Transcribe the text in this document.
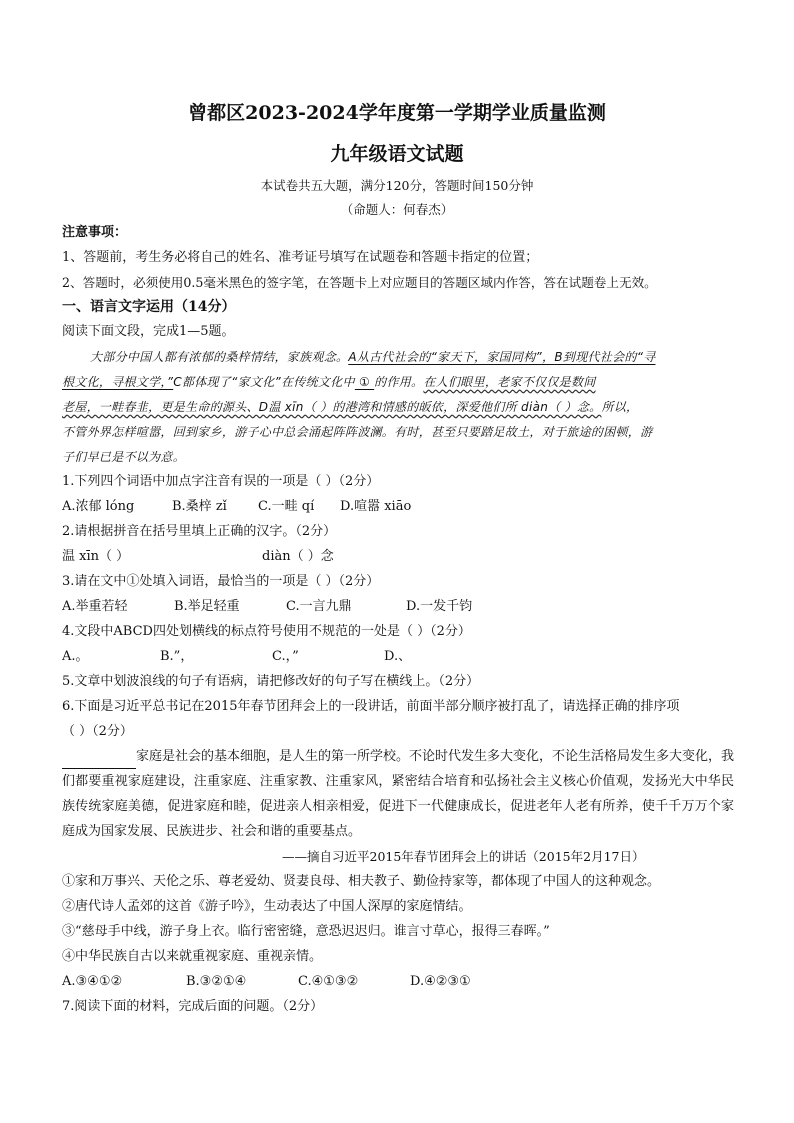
曾都区2023-2024学年度第一学期学业质量监测
九年级语文试题
本试卷共五大题，满分120分，答题时间150分钟
（命题人：何春杰）
注意事项：
1、答题前，考生务必将自己的姓名、准考证号填写在试题卷和答题卡指定的位置；
2、答题时，必须使用0.5毫米黑色的签字笔，在答题卡上对应题目的答题区域内作答，答在试题卷上无效。
一、语言文字运用（14分）
阅读下面文段，完成1—5题。
大部分中国人都有浓郁的桑梓情结，家族观念。A从古代社会的“家天下，家国同构”，B到现代社会的“寻
根文化，寻根文学，”C都体现了“家文化”在传统文化中 ① 的作用。在人们眼里，老家不仅仅是数间
老屋，一畦春韭，更是生命的源头、D温 xīn（ ）的港湾和情感的皈依，深爱他们所 diàn（ ）念。所以，
不管外界怎样喧嚣，回到家乡，游子心中总会涌起阵阵波澜。有时，甚至只要踏足故土，对于旅途的困顿，游
子们早已是不以为意。
1.下列四个词语中加点字注音有误的一项是（ ）（2分）
A.浓郁 lóng	B.桑梓 zǐ	C.一畦 qí	D.喧嚣 xiāo
2.请根据拼音在括号里填上正确的汉字。（2分）
温 xīn（ ）	diàn（ ）念
3.请在文中①处填入词语，最恰当的一项是（ ）（2分）
A.举重若轻	B.举足轻重	C.一言九鼎	D.一发千钧
4.文段中ABCD四处划横线的标点符号使用不规范的一处是（ ）（2分）
A.。	B.”，	C.，”	D.、
5.文章中划波浪线的句子有语病，请把修改好的句子写在横线上。（2分）
6.下面是习近平总书记在2015年春节团拜会上的一段讲话，前面半部分顺序被打乱了，请选择正确的排序项
（ ）（2分）
家庭是社会的基本细胞，是人生的第一所学校。不论时代发生多大变化，不论生活格局发生多大变化，我们都要重视家庭建设，注重家庭、注重家教、注重家风，紧密结合培育和弘扬社会主义核心价值观，发扬光大中华民族传统家庭美德，促进家庭和睦，促进亲人相亲相爱，促进下一代健康成长，促进老年人老有所养，使千千万万个家庭成为国家发展、民族进步、社会和谐的重要基点。
——摘自习近平2015年春节团拜会上的讲话（2015年2月17日）
①家和万事兴、天伦之乐、尊老爱幼、贤妻良母、相夫教子、勤俭持家等，都体现了中国人的这种观念。
②唐代诗人孟郊的这首《游子吟》，生动表达了中国人深厚的家庭情结。
③“慈母手中线，游子身上衣。临行密密缝，意恐迟迟归。谁言寸草心，报得三春晖。”
④中华民族自古以来就重视家庭、重视亲情。
A.③④①②	B.③②①④	C.④①③②	D.④②③①
7.阅读下面的材料，完成后面的问题。（2分）
